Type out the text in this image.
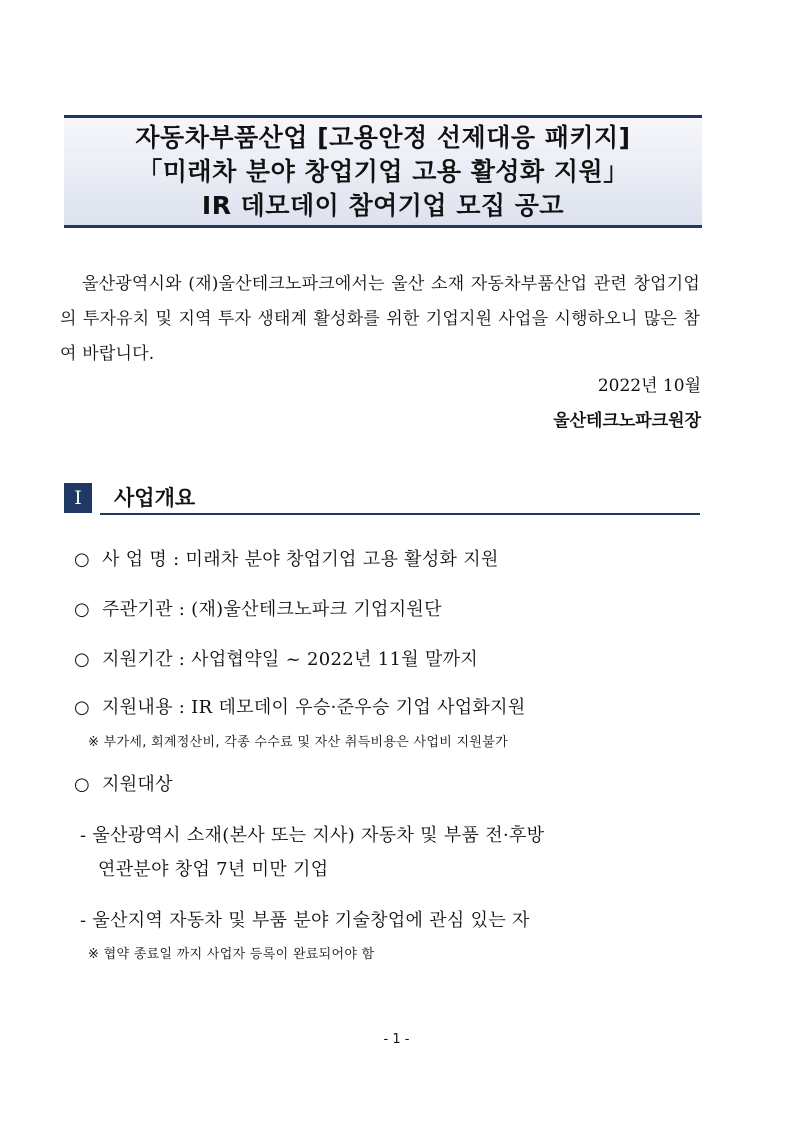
자동차부품산업 [고용안정 선제대응 패키지]
「미래차 분야 창업기업 고용 활성화 지원」
IR 데모데이 참여기업 모집 공고
울산광역시와 (재)울산테크노파크에서는 울산 소재 자동차부품산업 관련 창업기업의 투자유치 및 지역 투자 생태계 활성화를 위한 기업지원 사업을 시행하오니 많은 참여 바랍니다.
2022년 10월
울산테크노파크원장
Ⅰ	사업개요
○ 사 업 명 : 미래차 분야 창업기업 고용 활성화 지원
○ 주관기관 : (재)울산테크노파크 기업지원단
○ 지원기간 : 사업협약일 ~ 2022년 11월 말까지
○ 지원내용 : IR 데모데이 우승·준우승 기업 사업화지원
※ 부가세, 회계정산비, 각종 수수료 및 자산 취득비용은 사업비 지원불가
○ 지원대상
- 울산광역시 소재(본사 또는 지사) 자동차 및 부품 전·후방
연관분야 창업 7년 미만 기업
- 울산지역 자동차 및 부품 분야 기술창업에 관심 있는 자
※ 협약 종료일 까지 사업자 등록이 완료되어야 함
- 1 -
